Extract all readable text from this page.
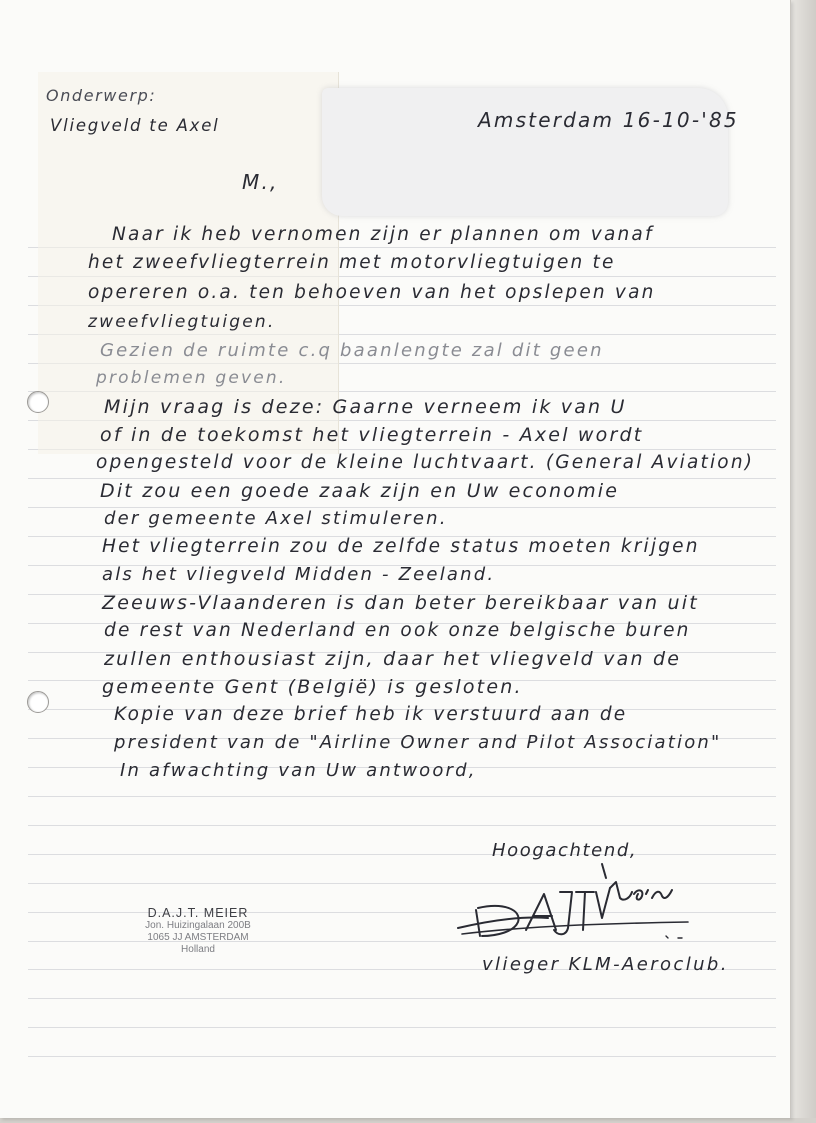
Onderwerp:

Vliegveld te Axel	Amsterdam 16-10-'85

M.,

Naar ik heb vernomen zijn er plannen om vanaf

het zweefvliegterrein met motorvliegtuigen te

opereren o.a. ten behoeven van het opslepen van

zweefvliegtuigen.

Gezien de ruimte c.q baanlengte zal dit geen

problemen geven.

Mijn vraag is deze: Gaarne verneem ik van U

of in de toekomst het vliegterrein - Axel wordt

opengesteld voor de kleine luchtvaart. (General Aviation)

Dit zou een goede zaak zijn en Uw economie

der gemeente Axel stimuleren.

Het vliegterrein zou de zelfde status moeten krijgen

als het vliegveld Midden - Zeeland.

Zeeuws-Vlaanderen is dan beter bereikbaar van uit

de rest van Nederland en ook onze belgische buren

zullen enthousiast zijn, daar het vliegveld van de

gemeente Gent (België) is gesloten.

Kopie van deze brief heb ik verstuurd aan de

president van de "Airline Owner and Pilot Association"

In afwachting van Uw antwoord,

Hoogachtend,

D.A.J.T. MEIER
Jon. Huizingalaan 200B
1065 JJ AMSTERDAM
Holland

vlieger KLM-Aeroclub.
